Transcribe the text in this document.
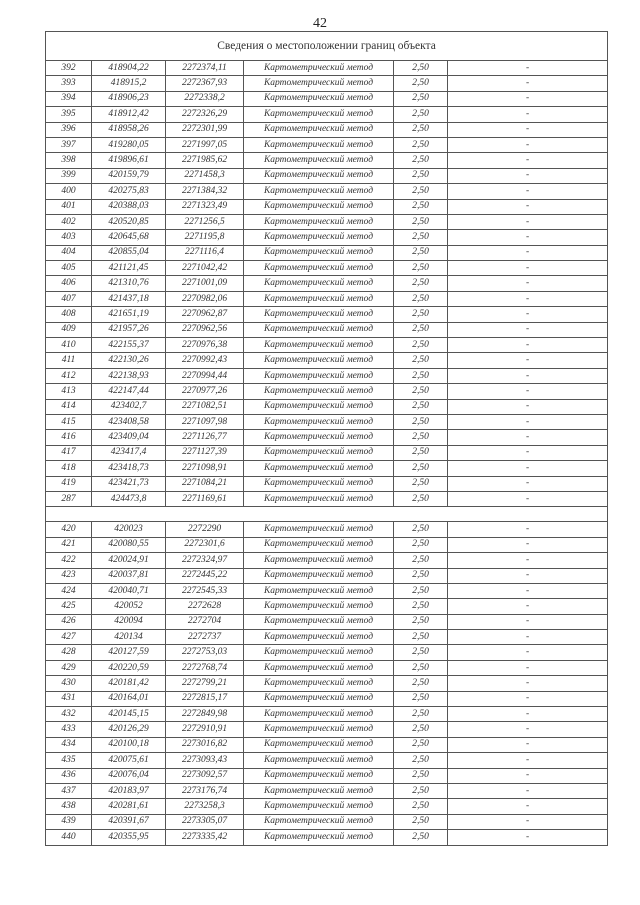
42
Сведения о местоположении границ объекта					
392	418904,22	2272374,11	Картометрический метод	2,50	-
393	418915,2	2272367,93	Картометрический метод	2,50	-
394	418906,23	2272338,2	Картометрический метод	2,50	-
395	418912,42	2272326,29	Картометрический метод	2,50	-
396	418958,26	2272301,99	Картометрический метод	2,50	-
397	419280,05	2271997,05	Картометрический метод	2,50	-
398	419896,61	2271985,62	Картометрический метод	2,50	-
399	420159,79	2271458,3	Картометрический метод	2,50	-
400	420275,83	2271384,32	Картометрический метод	2,50	-
401	420388,03	2271323,49	Картометрический метод	2,50	-
402	420520,85	2271256,5	Картометрический метод	2,50	-
403	420645,68	2271195,8	Картометрический метод	2,50	-
404	420855,04	2271116,4	Картометрический метод	2,50	-
405	421121,45	2271042,42	Картометрический метод	2,50	-
406	421310,76	2271001,09	Картометрический метод	2,50	-
407	421437,18	2270982,06	Картометрический метод	2,50	-
408	421651,19	2270962,87	Картометрический метод	2,50	-
409	421957,26	2270962,56	Картометрический метод	2,50	-
410	422155,37	2270976,38	Картометрический метод	2,50	-
411	422130,26	2270992,43	Картометрический метод	2,50	-
412	422138,93	2270994,44	Картометрический метод	2,50	-
413	422147,44	2270977,26	Картометрический метод	2,50	-
414	423402,7	2271082,51	Картометрический метод	2,50	-
415	423408,58	2271097,98	Картометрический метод	2,50	-
416	423409,04	2271126,77	Картометрический метод	2,50	-
417	423417,4	2271127,39	Картометрический метод	2,50	-
418	423418,73	2271098,91	Картометрический метод	2,50	-
419	423421,73	2271084,21	Картометрический метод	2,50	-
287	424473,8	2271169,61	Картометрический метод	2,50	-

420	420023	2272290	Картометрический метод	2,50	-
421	420080,55	2272301,6	Картометрический метод	2,50	-
422	420024,91	2272324,97	Картометрический метод	2,50	-
423	420037,81	2272445,22	Картометрический метод	2,50	-
424	420040,71	2272545,33	Картометрический метод	2,50	-
425	420052	2272628	Картометрический метод	2,50	-
426	420094	2272704	Картометрический метод	2,50	-
427	420134	2272737	Картометрический метод	2,50	-
428	420127,59	2272753,03	Картометрический метод	2,50	-
429	420220,59	2272768,74	Картометрический метод	2,50	-
430	420181,42	2272799,21	Картометрический метод	2,50	-
431	420164,01	2272815,17	Картометрический метод	2,50	-
432	420145,15	2272849,98	Картометрический метод	2,50	-
433	420126,29	2272910,91	Картометрический метод	2,50	-
434	420100,18	2273016,82	Картометрический метод	2,50	-
435	420075,61	2273093,43	Картометрический метод	2,50	-
436	420076,04	2273092,57	Картометрический метод	2,50	-
437	420183,97	2273176,74	Картометрический метод	2,50	-
438	420281,61	2273258,3	Картометрический метод	2,50	-
439	420391,67	2273305,07	Картометрический метод	2,50	-
440	420355,95	2273335,42	Картометрический метод	2,50	-
